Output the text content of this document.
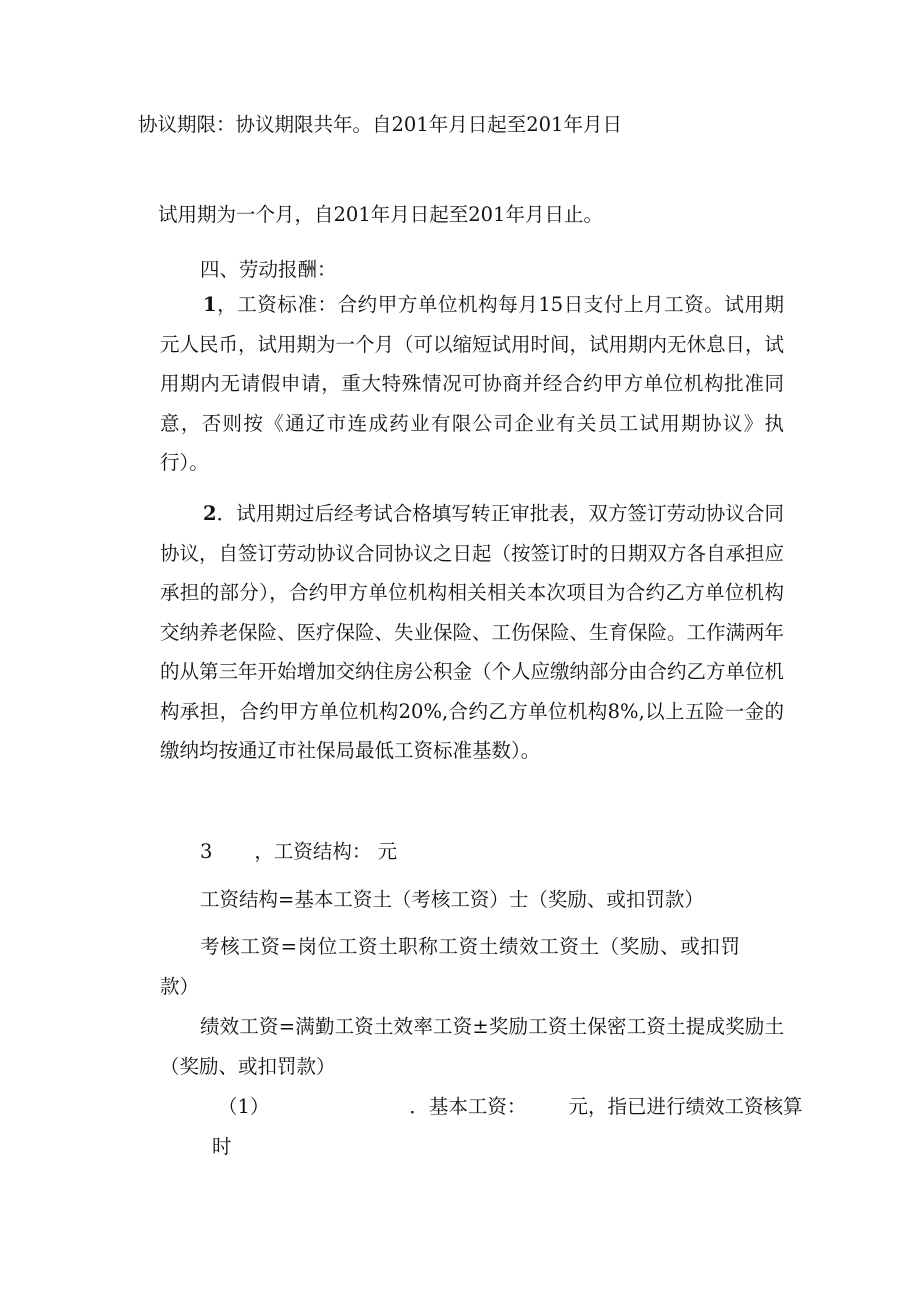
协议期限：协议期限共年。自201年月日起至201年月日
试用期为一个月，自201年月日起至201年月日止。
四、劳动报酬：
1，工资标准：合约甲方单位机构每月15日支付上月工资。试用期元人民币，试用期为一个月（可以缩短试用时间，试用期内无休息日，试用期内无请假申请，重大特殊情况可协商并经合约甲方单位机构批准同意，否则按《通辽市连成药业有限公司企业有关员工试用期协议》执行）。
2．试用期过后经考试合格填写转正审批表，双方签订劳动协议合同协议，自签订劳动协议合同协议之日起（按签订时的日期双方各自承担应承担的部分），合约甲方单位机构相关相关本次项目为合约乙方单位机构交纳养老保险、医疗保险、失业保险、工伤保险、生育保险。工作满两年的从第三年开始增加交纳住房公积金（个人应缴纳部分由合约乙方单位机构承担，合约甲方单位机构20%,合约乙方单位机构8%,以上五险一金的缴纳均按通辽市社保局最低工资标准基数）。
3 ，工资结构： 元
工资结构=基本工资土（考核工资）士（奖励、或扣罚款）
考核工资=岗位工资土职称工资土绩效工资土（奖励、或扣罚款）
绩效工资=满勤工资土效率工资±奖励工资土保密工资土提成奖励土（奖励、或扣罚款）
（1）	．基本工资： 元，指已进行绩效工资核算
时
